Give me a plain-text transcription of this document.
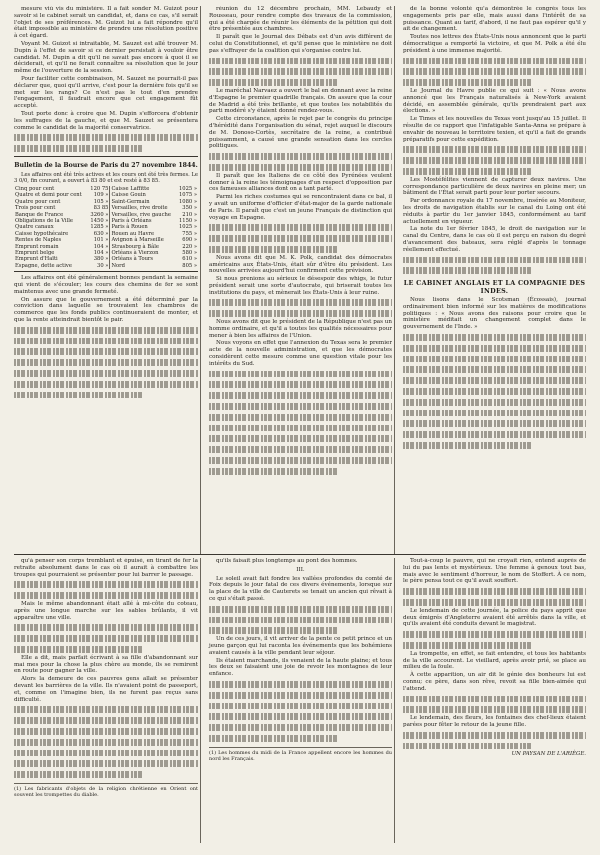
mesure viù vis du ministère. Il a fait sonder M. Guizot pour savoir si le cabinet serait un candidat, et, dans ce cas, s'il serait l'objet de ses préférences. M. Guizot lui a fait répondre qu'il était impossible au ministère de prendre une résolution positive à cet égard.

Voyant M. Guizot si intraitable, M. Sauzet est allé trouver M. Dupin à l'effet de savoir si ce dernier persistait à vouloir être candidat. M. Dupin a dit qu'il ne savait pas encore à quoi il se déciderait, et qu'il ne ferait connaître sa résolution que le jour même de l'ouverture de la session.

Pour faciliter cette combinaison, M. Sauzet ne pourrait-il pas déclarer que, quoi qu'il arrive, c'est pour la dernière fois qu'il se met sur les rangs? Ce n'est pas le tout d'en prendre l'engagement, il faudrait encore que cet engagement fût accepté.

Tout porte donc à croire que M. Dupin s'efforcera d'obtenir les suffrages de la gauche, et que M. Sauzet se présentera comme le candidat de la majorité conservatrice.

Bulletin de la Bourse de Paris du 27 novembre 1844.

Les affaires ont été très actives et les cours ont été très fermes. Le 3 0/0, fin courant, a ouvert à 83 80 et est resté à 83 85.

Cinq pour cent	120 75	Caisse Laffitte	1025 »
Quatre et demi pour cent	109 »	Caisse Gouin	1075 »
Quatre pour cent	105 »	Saint-Germain	1080 »
Trois pour cent	83 85	Versailles, rive droite	350 »
Banque de France	3260 »	Versailles, rive gauche	210 »
Obligations de la Ville	1450 »	Paris à Orléans	1150 »
Quatre canaux	1285 »	Paris à Rouen	1025 »
Caisse hypothécaire	630 »	Rouen au Havre	755 »
Rentes de Naples	101 »	Avignon à Marseille	690 »
Emprunt romain	104 »	Strasbourg à Bâle	220 »
Emprunt belge	104 »	Orléans à Vierzon	580 »
Emprunt d'Haïti	380 »	Orléans à Tours	610 »
Espagne, dette active	30 »	Nord	805 »

Les affaires ont été généralement bonnes pendant la semaine qui vient de s'écouler; les cours des chemins de fer se sont maintenus avec une grande fermeté.

On assure que le gouvernement a été déterminé par la conviction dans laquelle se trouvaient les chambres de commerce que les fonds publics continueraient de monter, et que la rente atteindrait bientôt le pair.

réunion du 12 décembre prochain, MM. Lebaudy et Rousseau, pour rendre compte des travaux de la commission, qui a été chargée de réunir les éléments de la pétition qui doit être présentée aux chambres.

Il paraît que le Journal des Débats est d'un avis différent de celui du Constitutionnel, et qu'il pense que le ministère ne doit pas s'effrayer de la coalition qui s'organise contre lui.

Le maréchal Narvaez a ouvert le bal en donnant avec la reine d'Espagne le premier quadrille français. On assure que la cour de Madrid a été très brillante, et que toutes les notabilités du parti modéré s'y étaient donné rendez-vous.

Cette circonstance, après le rejet par le congrès du principe d'hérédité dans l'organisation du sénat, rejet auquel le discours de M. Donoso-Cortès, secrétaire de la reine, a contribué puissamment, a causé une grande sensation dans les cercles politiques.

Il paraît que les Italiens de ce côté des Pyrénées veulent donner à la reine les témoignages d'un respect d'opposition par ces fameuses alliances dont on a tant parlé.

Parmi les riches costumes qui se rencontraient dans ce bal, il y avait un uniforme d'officier d'état-major de la garde nationale de Paris. Il paraît que c'est un jeune Français de distinction qui voyage en Espagne.

Nous avons dit que M. K. Polk, candidat des démocrates américains aux États-Unis, était sûr d'être élu président. Les nouvelles arrivées aujourd'hui confirment cette prévision.

Si nous prenions au sérieux le désespoir des whigs, le futur président serait une sorte d'autocrate, qui briserait toutes les institutions du pays, et mènerait les États-Unis à leur ruine.

Nous avons dit que le président de la République n'est pas un homme ordinaire, et qu'il a toutes les qualités nécessaires pour mener à bien les affaires de l'Union.

Nous voyons en effet que l'annexion du Texas sera le premier acte de la nouvelle administration, et que les démocrates considèrent cette mesure comme une question vitale pour les intérêts du Sud.

de la bonne volonté qu'a démontrée le congrès tous les engagements pris par elle, mais aussi dans l'intérêt de sa puissance. Quant au tarif, d'abord, il ne faut pas espérer qu'il y ait de changement.

Toutes nos lettres des États-Unis nous annoncent que le parti démocratique a remporté la victoire, et que M. Polk a été élu président à une immense majorité.

Le Journal du Havre publie ce qui suit : « Nous avons annoncé que les Français naturalisés à New-York avaient décidé, en assemblée générale, qu'ils prendraient part aux élections. »

Le Times et les nouvelles du Texas vont jusqu'au 15 juillet. Il résulte de ce rapport que l'infatigable Santa-Anna se prépare à envahir de nouveau le territoire texien, et qu'il a fait de grands préparatifs pour cette expédition.

Les Mostéfélites viennent de capturer deux navires. Une correspondance particulière de deux navires en pleine mer; un bâtiment de l'État serait parti pour leur porter secours.

Par ordonnance royale du 17 novembre, insérée au Moniteur, les droits de navigation établis sur le canal du Loing ont été réduits à partir du 1er janvier 1845, conformément au tarif actuellement en vigueur.

La note du 1er février 1845, le droit de navigation sur le canal du Centre, dans le cas où il est perçu en raison du degré d'avancement des bateaux, sera réglé d'après le tonnage réellement effectué.

LE CABINET ANGLAIS ET LA COMPAGNIE DES INDES.

Nous lisons dans le Scotsman (Écossais), journal ordinairement bien informé sur les matières de modifications politiques : « Nous avons des raisons pour croire que le ministère méditait un changement complet dans le gouvernement de l'Inde. »

qu'à penser son corps tremblant et épuisé, en tirant de fer la retraite absolument dans le cas où il aurait à combattre les troupes qui pourraient se présenter pour lui barrer le passage.

Mais le même abandonnant était allé à mi-côte du coteau, après une longue marche sur les sables brûlants, il vit apparaître une ville.

Elle a dit, mais parfait écrivant à sa fille d'abandonnant sur mai mes pour la chose la plus chère au monde, ils se remirent en route pour gagner la ville.

Alors la demeure de ces pauvres gens allait se présenter devant les barrières de la ville. Ils n'avaient point de passeport, et, comme on l'imagine bien, ils ne furent pas reçus sans difficulté.

(1) Les fabricants d'objets de la religion chrétienne en Orient ont souvent les trompettes du diable.

qu'ils faisait plus longtemps au pont des hommes.

III.

Le soleil avait fait fondre les vallées profondes du comté de Foix depuis le jour fatal de ces divers événements, lorsque sur la place de la ville de Cauterets se tenait un ancien qui rêvait à ce qui s'était passé.

Un de ces jours, il vit arriver de la pente ce petit prince et un jeune garçon qui lui raconta les événements que les bohémiens avaient causés à la ville pendant leur séjour.

Ils étaient marchands, ils venaient de la haute plaine; et tous les deux se faisaient une joie de revoir les montagnes de leur enfance.

(1) Les hommes du midi de la France appellent encore les hommes du nord les Français.

Tout-à-coup le pauvre, qui ne croyait rien, entend auprès de lui du pas lents et mystérieux. Une femme à genoux tout bas, mais avec le sentiment d'horreur, le nom de Stoffert. À ce nom, le père pensa tout ce qu'il avait souffert.

Le lendemain de cette journée, la police du pays apprit que deux émigrés d'Angleterre avaient été arrêtés dans la ville, et qu'ils avaient été conduits devant le magistrat.

La trompette, en effet, se fait entendre, et tous les habitants de la ville accourent. Le vieillard, après avoir prié, se place au milieu de la foule.

À cette apparition, un air dit le génie des bonheurs lui est connu; ce père, dans son rêve, revoit sa fille bien-aimée qui l'attend.

Le lendemain, des fleurs, les fontaines des chef-lieux étaient parées pour fêter le retour de la jeune fille.

UN PAYSAN DE L'ARIÈGE.
